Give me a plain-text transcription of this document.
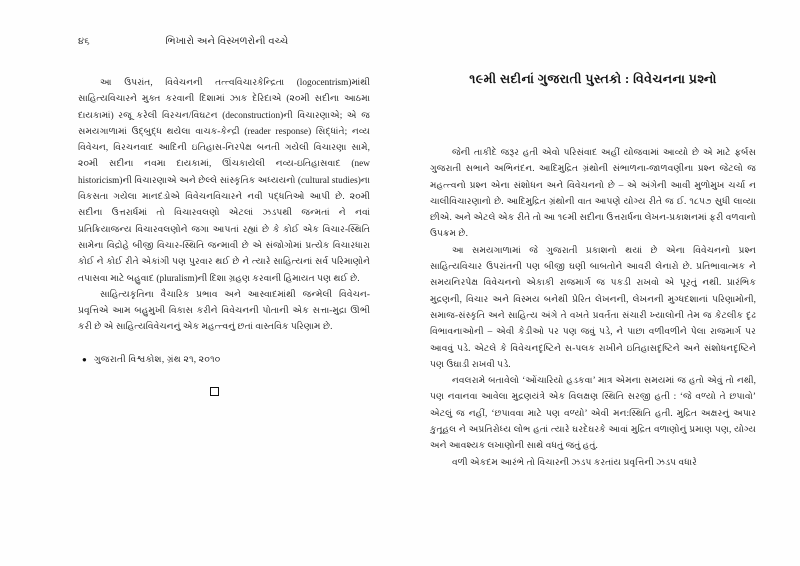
૪૬	ભિખારો અને વિસ્ખળરોની વચ્ચે

આ ઉપરાંત, વિવેચનની તત્ત્વવિચારકેન્દ્રિતા (logocentrism)માંથી સાહિત્યવિચારને મુક્ત કરવાની દિશામાં ઝાક દેરિદાએ (૨૦મી સદીના આઠમા દાયકામાં) રજૂ કરેલી વિરચન/વિઘટન (deconstruction)ની વિચારણાએ; એ જ સમયગાળામાં ઉદ્બુદ્ધ થયેલા વાચક-કેન્દ્રી (reader response) સિદ્ધાંતે; નવ્ય વિવેચન, વિરચનવાદ આદિની ઇતિહાસ-નિરપેક્ષ બનતી ગયેલી વિચારણા સામે, ૨૦મી સદીના નવમા દાયકામાં, ઊંચકાયેલી નવ્ય-ઇતિહાસવાદ (new historicism)ની વિચારણાએ અને છેલ્લે સાંસ્કૃતિક અધ્યયનો (cultural studies)ના વિકસતા ગયેલા માનદંડોએ વિવેચનવિચારને નવી પદ્ધતિઓ આપી છે. ૨૦મી સદીના ઉત્તરાર્ધમાં તો વિચારવલણો એટલાં ઝડપથી જન્મતાં ને નવાં પ્રતિક્રિયાજન્ય વિચારવલણોને જગા આપતાં રહ્યાં છે કે કોઈ એક વિચાર-સ્થિતિ સામેના વિદ્રોહે બીજી વિચાર-સ્થિતિ જન્માવી છે એ સંજોગોમાં પ્રત્યેક વિચારધારા કોઈ ને કોઈ રીતે એકાંગી પણ પુરવાર થઈ છે ને ત્યારે સાહિત્યનાં સર્વ પરિમાણોને તપાસવા માટે બહુવાદ (pluralism)ની દિશા ગ્રહણ કરવાની હિમાયત પણ થઈ છે.

સાહિત્યકૃતિના વૈચારિક પ્રભાવ અને આસ્વાદમાંથી જન્મેલી વિવેચન-પ્રવૃત્તિએ આમ બહુમુખી વિકાસ કરીને વિવેચનની પોતાની એક સત્તા-મુદ્રા ઊભી કરી છે એ સાહિત્યવિવેચનનું એક મહત્ત્વનું છતાં વાસ્તવિક પરિણામ છે.

● ગુજરાતી વિશ્વકોશ, ગ્રંથ ૨૧, ૨૦૧૦
૧૯મી સદીનાં ગુજરાતી પુસ્તકો : વિવેચનના પ્રશ્નો

જેની તાકીદે જરૂર હતી એવો પરિસંવાદ અહીં યોજવામાં આવ્યો છે એ માટે ફર્બસ ગુજરાતી સભાને અભિનંદન. આદિમુદ્રિત ગ્રંથોની સંભાળના-જાળવણીના પ્રશ્ન જેટલો જ મહત્ત્વનો પ્રશ્ન એના સંશોધન અને વિવેચનનો છે – એ અંગેની આવી મુળોમુખ ચર્ચા ન ચાલીવિચારણાનો છે. આદિમુદ્રિત ગ્રંથોની વાત આપણે યોગ્ય રીતે જ ઈ. ૧૮૫૭ સુધી લાવ્યા છીએ. અને એટલે એક રીતે તો આ ૧૯મી સદીના ઉત્તરાર્ધના લેખન-પ્રકાશનમાં ફરી વળવાનો ઉપક્રમ છે.

આ સમયગાળામાં જે ગુજરાતી પ્રકાશનો થયાં છે એના વિવેચનનો પ્રશ્ન સાહિત્યવિચાર ઉપરાંતની પણ બીજી ઘણી બાબતોને આવરી લેનારો છે. પ્રતિભાવાત્મક ને સમયનિરપેક્ષ વિવેચનનો એકાકી રાજમાર્ગ જ પકડી રાખવો એ પૂરતું નથી. પ્રારંભિક મુદ્રણની, વિચાર અને વિસ્મય બનેથી પ્રેરિત લેખનની, લેખનની મુગ્ધદશાનાં પરિણામોની, સમાજ-સંસ્કૃતિ અને સાહિત્ય અંગે તે વખતે પ્રવર્તતા સંચારી ખ્યાલોની તેમ જ કેટલીક દૃઢ વિભાવનાઓની – એવી કેડીઓ પર પણ જવું પડે, ને પાછા વળીવળીને પેલા રાજમાર્ગ પર આવવું પડે. એટલે કે વિવેચનદૃષ્ટિને સ-પલક રાખીને ઇતિહાસદૃષ્ટિને અને સંશોધનદૃષ્ટિને પણ ઉઘાડી રાખવી પડે.

નવલરામે બતાવેલો ‘ઓંચારિયો હડકવા’ માત્ર એમના સમયમાં જ હતો એવું તો નથી, પણ નવાનવા આવેલા મુદ્રણયંત્રે એક વિલક્ષણ સ્થિતિ સરજી હતી : ‘જે વળ્યો તે છપાવો’ એટલું જ નહીં, ‘છપાવવા માટે પણ વળ્યો’ એવી મન:સ્થિતિ હતી. મુદ્રિત અક્ષરનું અપાર કુતૂહલ ને અપ્રતિરોધ્ય લોભ હતાં ત્યારે ઘરદેઘરકે આવાં મુદ્રિત વળાણોનું પ્રમાણ પણ, યોગ્ય અને આવશ્યક લખાણોની સાથે વધતું જતું હતું.

વળી એકદમ આરંભે તો વિચારની ઝડપ કરતાંય પ્રવૃત્તિની ઝડપ વધારે
